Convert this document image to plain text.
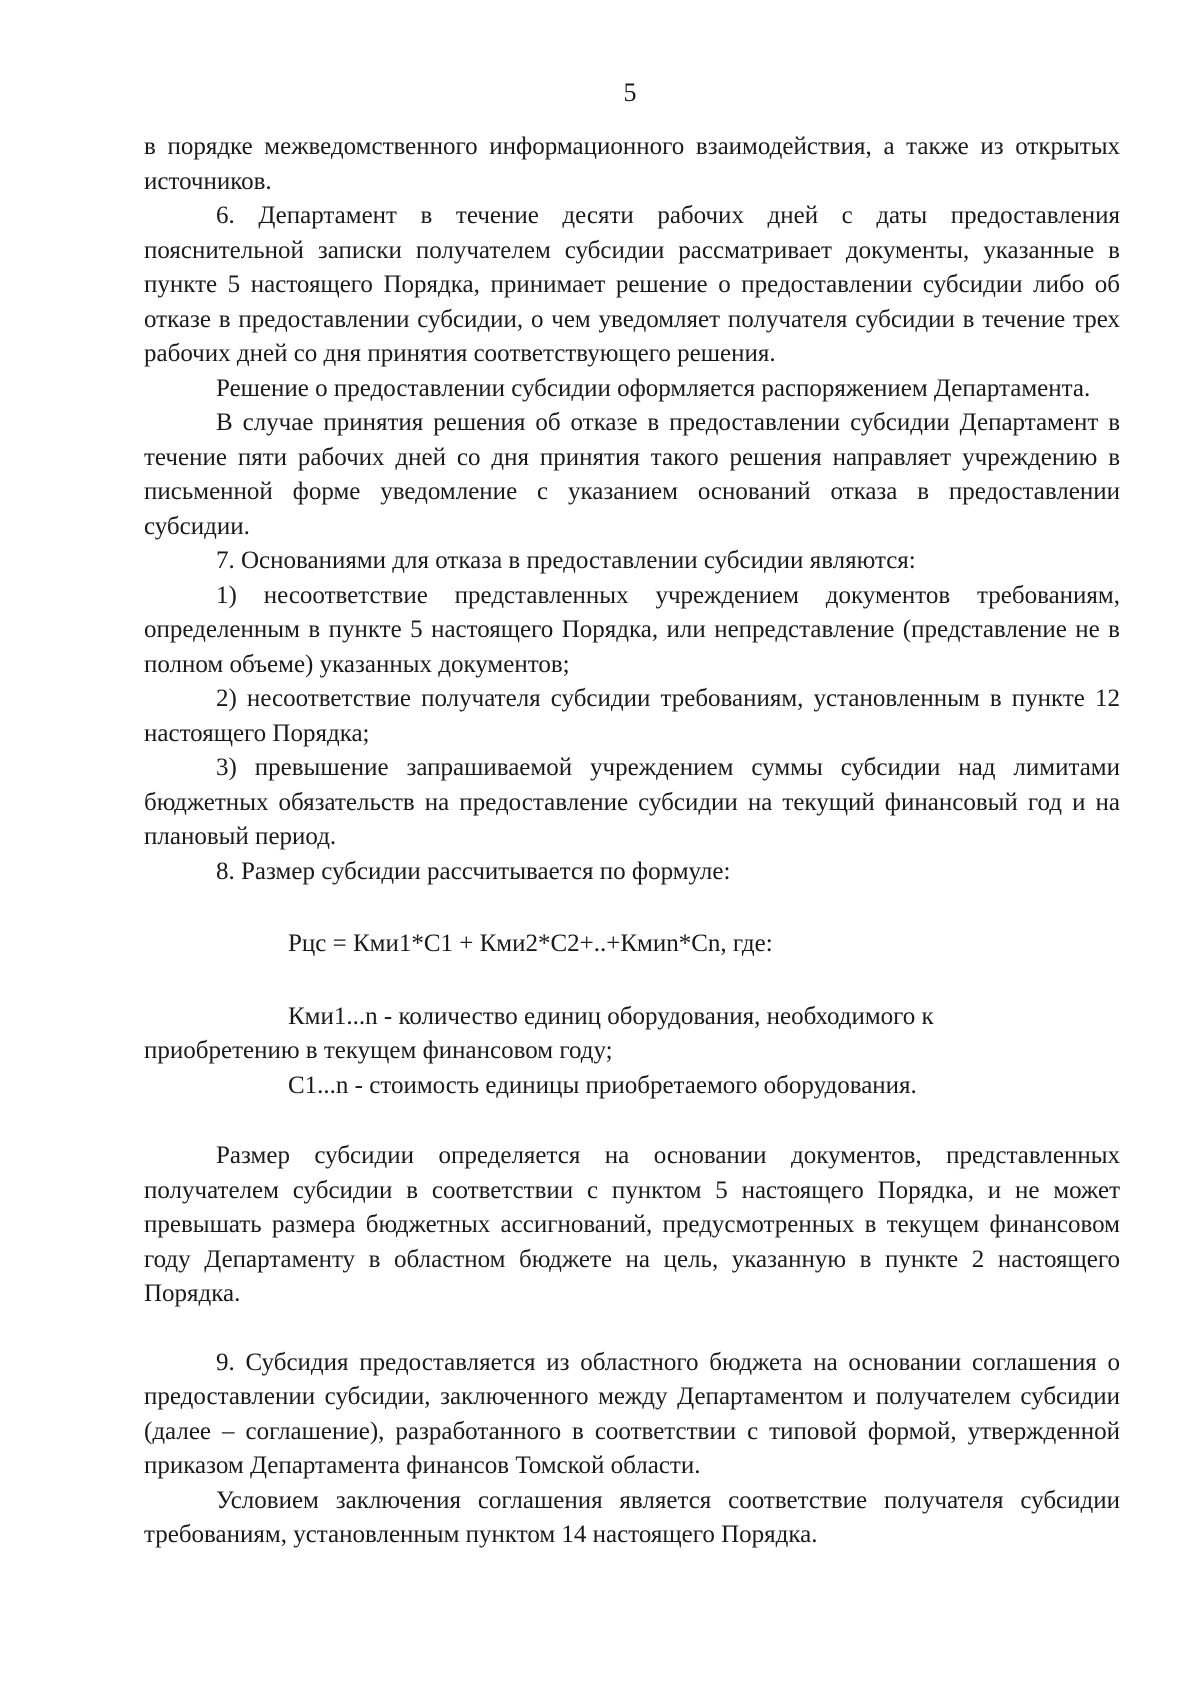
5

в порядке межведомственного информационного взаимодействия, а также из открытых источников.

6. Департамент в течение десяти рабочих дней с даты предоставления пояснительной записки получателем субсидии рассматривает документы, указанные в пункте 5 настоящего Порядка, принимает решение о предоставлении субсидии либо об отказе в предоставлении субсидии, о чем уведомляет получателя субсидии в течение трех рабочих дней со дня принятия соответствующего решения.

Решение о предоставлении субсидии оформляется распоряжением Департамента.

В случае принятия решения об отказе в предоставлении субсидии Департамент в течение пяти рабочих дней со дня принятия такого решения направляет учреждению в письменной форме уведомление с указанием оснований отказа в предоставлении субсидии.

7. Основаниями для отказа в предоставлении субсидии являются:

1) несоответствие представленных учреждением документов требованиям, определенным в пункте 5 настоящего Порядка, или непредставление (представление не в полном объеме) указанных документов;

2) несоответствие получателя субсидии требованиям, установленным в пункте 12 настоящего Порядка;

3) превышение запрашиваемой учреждением суммы субсидии над лимитами бюджетных обязательств на предоставление субсидии на текущий финансовый год и на плановый период.

8. Размер субсидии рассчитывается по формуле:

Рцс = Кми1*С1 + Кми2*С2+..+Кмиn*Сn, где:

Кми1...n - количество единиц оборудования, необходимого к

приобретению в текущем финансовом году;

С1...n - стоимость единицы приобретаемого оборудования.

Размер субсидии определяется на основании документов, представленных получателем субсидии в соответствии с пунктом 5 настоящего Порядка, и не может превышать размера бюджетных ассигнований, предусмотренных в текущем финансовом году Департаменту в областном бюджете на цель, указанную в пункте 2 настоящего Порядка.

9. Субсидия предоставляется из областного бюджета на основании соглашения о предоставлении субсидии, заключенного между Департаментом и получателем субсидии (далее – соглашение), разработанного в соответствии с типовой формой, утвержденной приказом Департамента финансов Томской области.

Условием заключения соглашения является соответствие получателя субсидии требованиям, установленным пунктом 14 настоящего Порядка.
